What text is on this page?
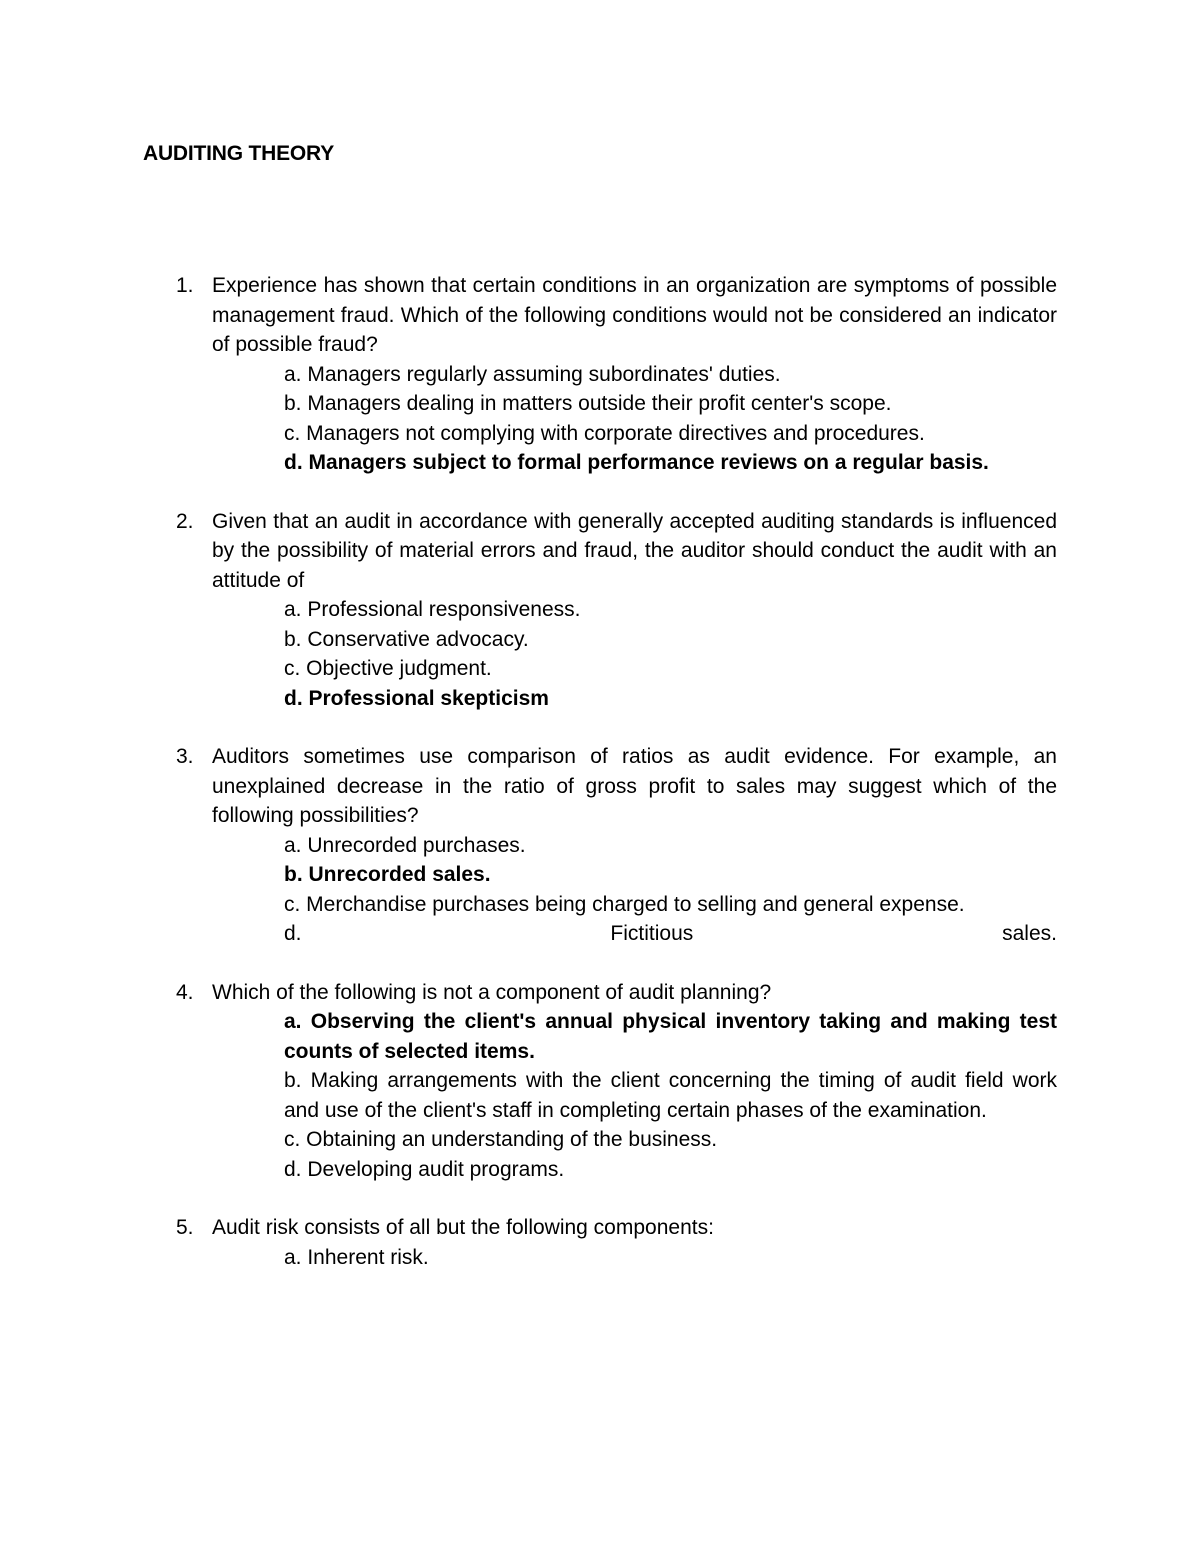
AUDITING THEORY
1. Experience has shown that certain conditions in an organization are symptoms of possible management fraud. Which of the following conditions would not be considered an indicator of possible fraud?
a. Managers regularly assuming subordinates' duties.
b. Managers dealing in matters outside their profit center's scope.
c. Managers not complying with corporate directives and procedures.
d. Managers subject to formal performance reviews on a regular basis.
2. Given that an audit in accordance with generally accepted auditing standards is influenced by the possibility of material errors and fraud, the auditor should conduct the audit with an attitude of
a. Professional responsiveness.
b. Conservative advocacy.
c. Objective judgment.
d. Professional skepticism
3. Auditors sometimes use comparison of ratios as audit evidence. For example, an unexplained decrease in the ratio of gross profit to sales may suggest which of the following possibilities?
a. Unrecorded purchases.
b. Unrecorded sales.
c. Merchandise purchases being charged to selling and general expense.
d. Fictitious sales.
4. Which of the following is not a component of audit planning?
a. Observing the client's annual physical inventory taking and making test counts of selected items.
b. Making arrangements with the client concerning the timing of audit field work and use of the client's staff in completing certain phases of the examination.
c. Obtaining an understanding of the business.
d. Developing audit programs.
5. Audit risk consists of all but the following components:
a. Inherent risk.
